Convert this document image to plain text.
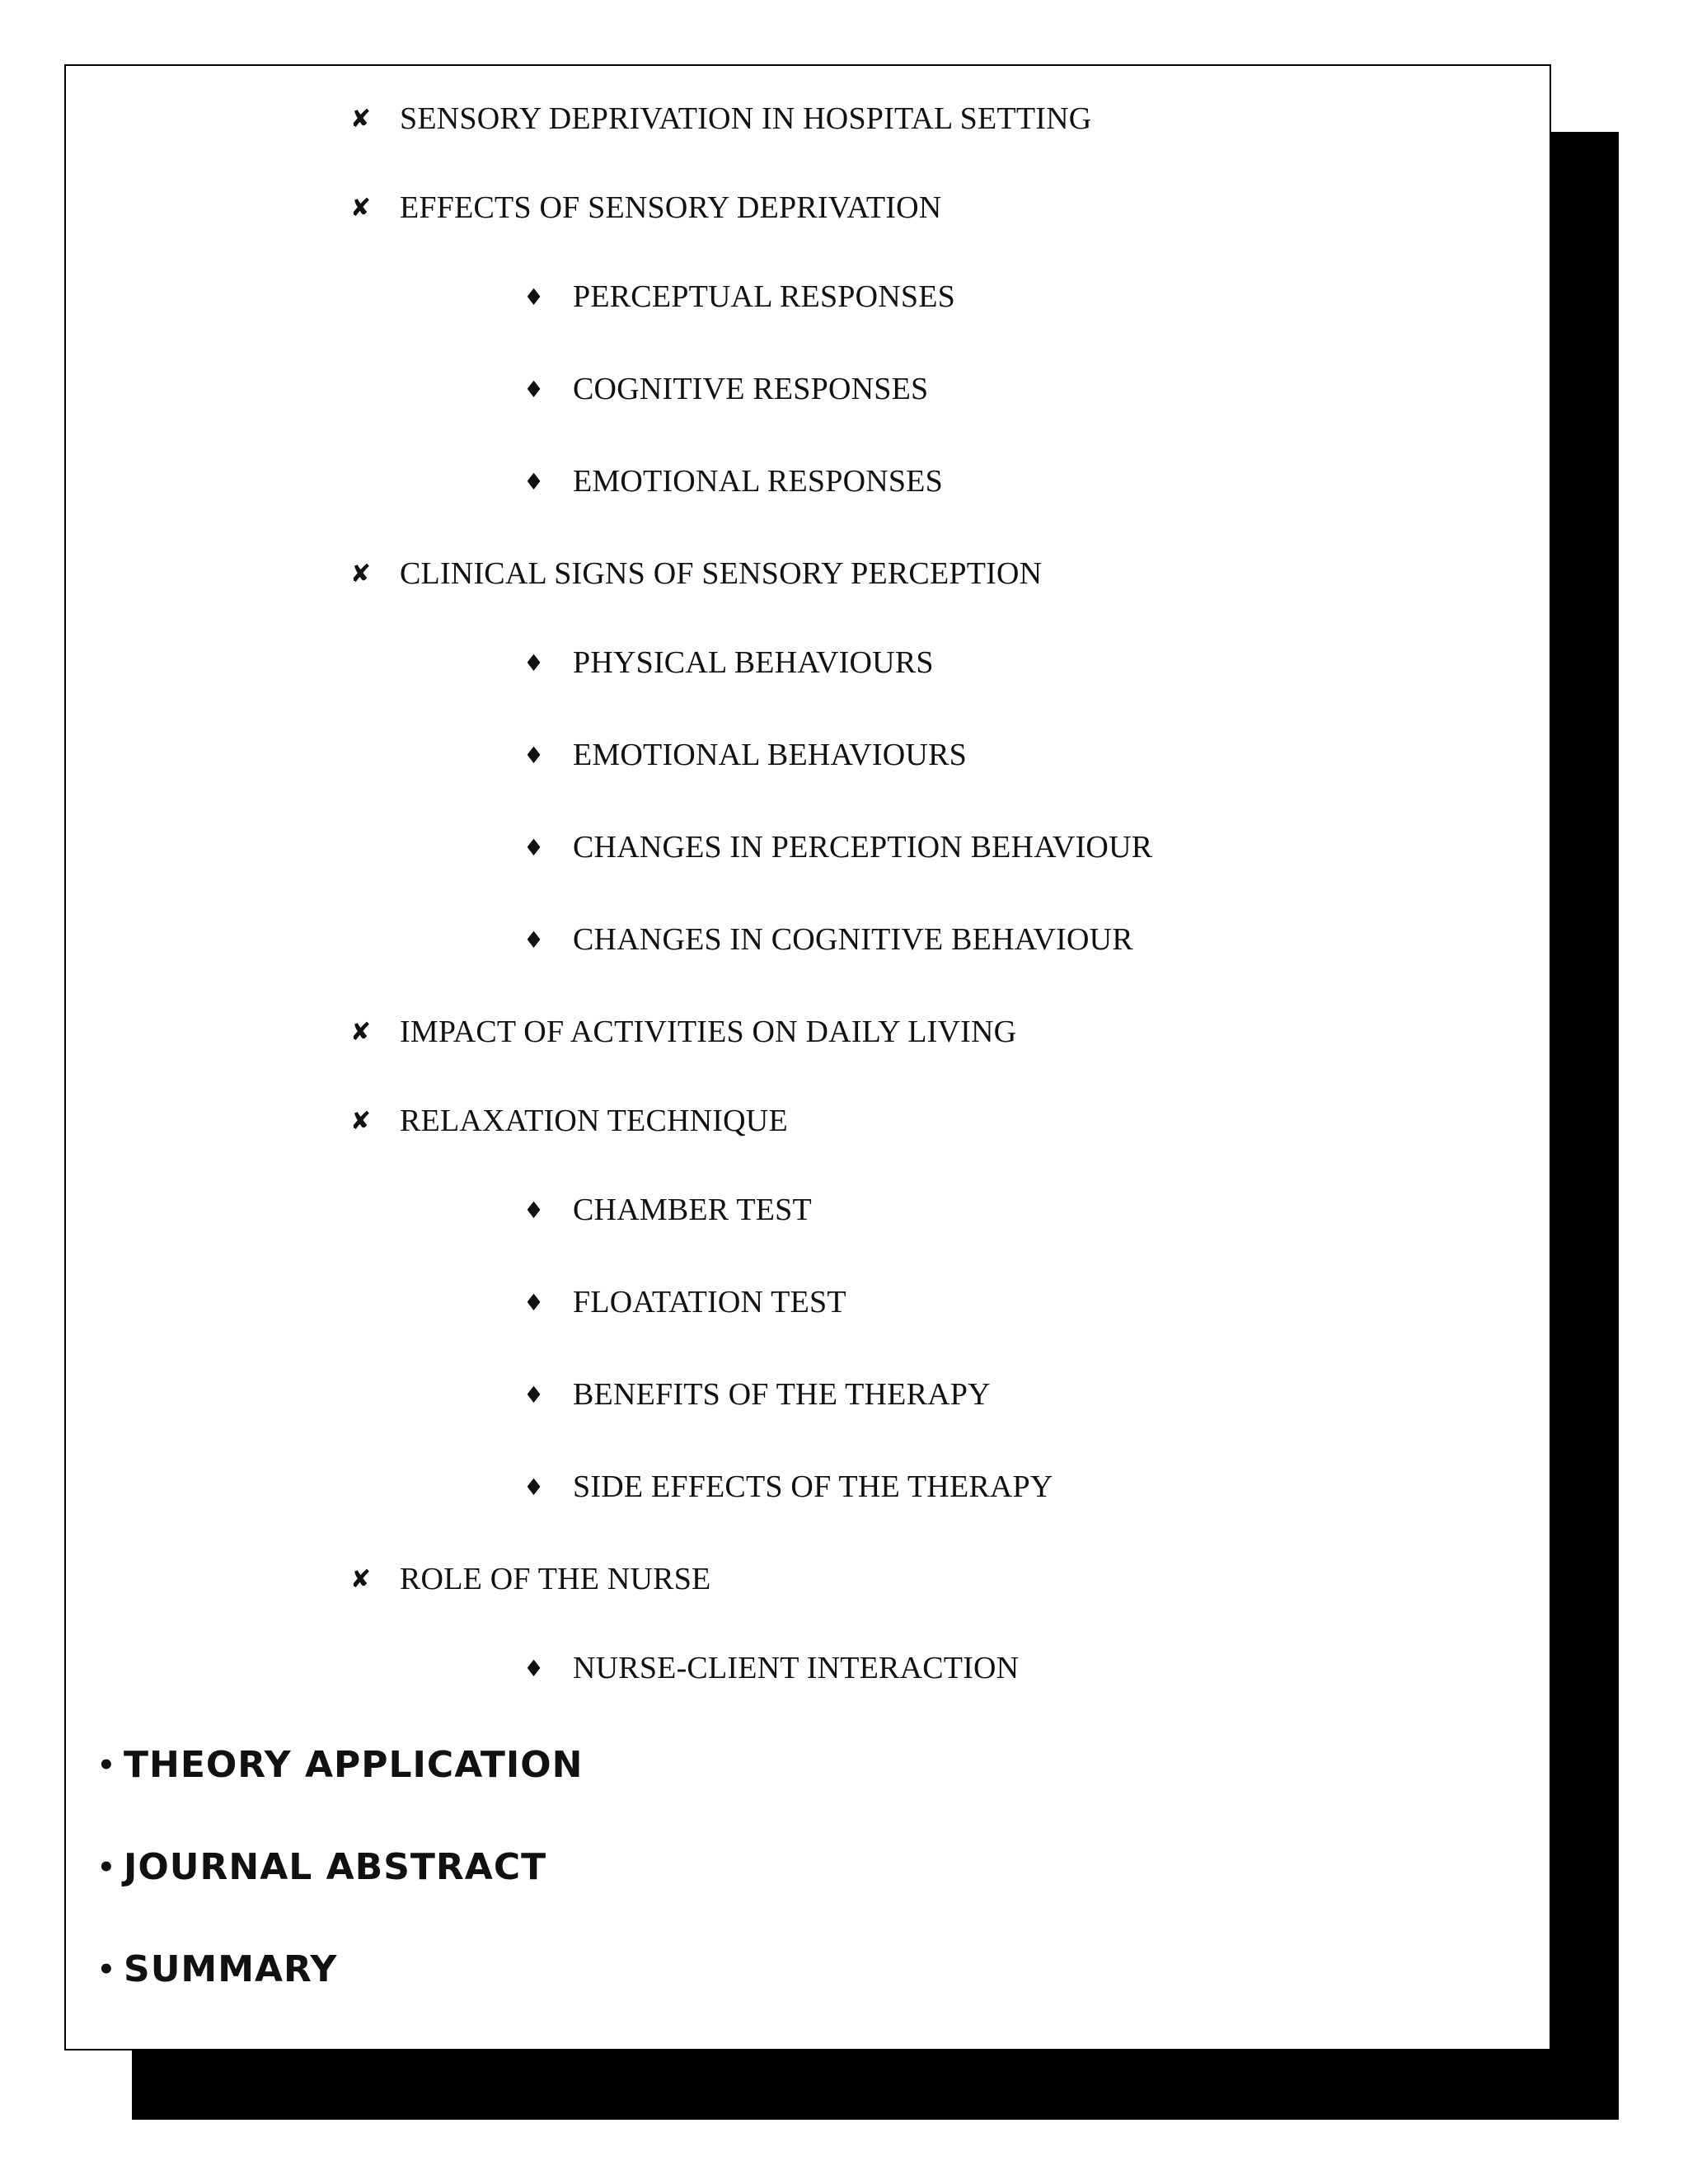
✘ SENSORY DEPRIVATION IN HOSPITAL SETTING
✘ EFFECTS OF SENSORY DEPRIVATION
♦ PERCEPTUAL RESPONSES
♦ COGNITIVE RESPONSES
♦ EMOTIONAL RESPONSES
✘ CLINICAL SIGNS OF SENSORY PERCEPTION
♦ PHYSICAL BEHAVIOURS
♦ EMOTIONAL BEHAVIOURS
♦ CHANGES IN PERCEPTION BEHAVIOUR
♦ CHANGES IN COGNITIVE BEHAVIOUR
✘ IMPACT OF ACTIVITIES ON DAILY LIVING
✘ RELAXATION TECHNIQUE
♦ CHAMBER TEST
♦ FLOATATION TEST
♦ BENEFITS OF THE THERAPY
♦ SIDE EFFECTS OF THE THERAPY
✘ ROLE OF THE NURSE
♦ NURSE-CLIENT INTERACTION
• THEORY APPLICATION
• JOURNAL ABSTRACT
• SUMMARY
